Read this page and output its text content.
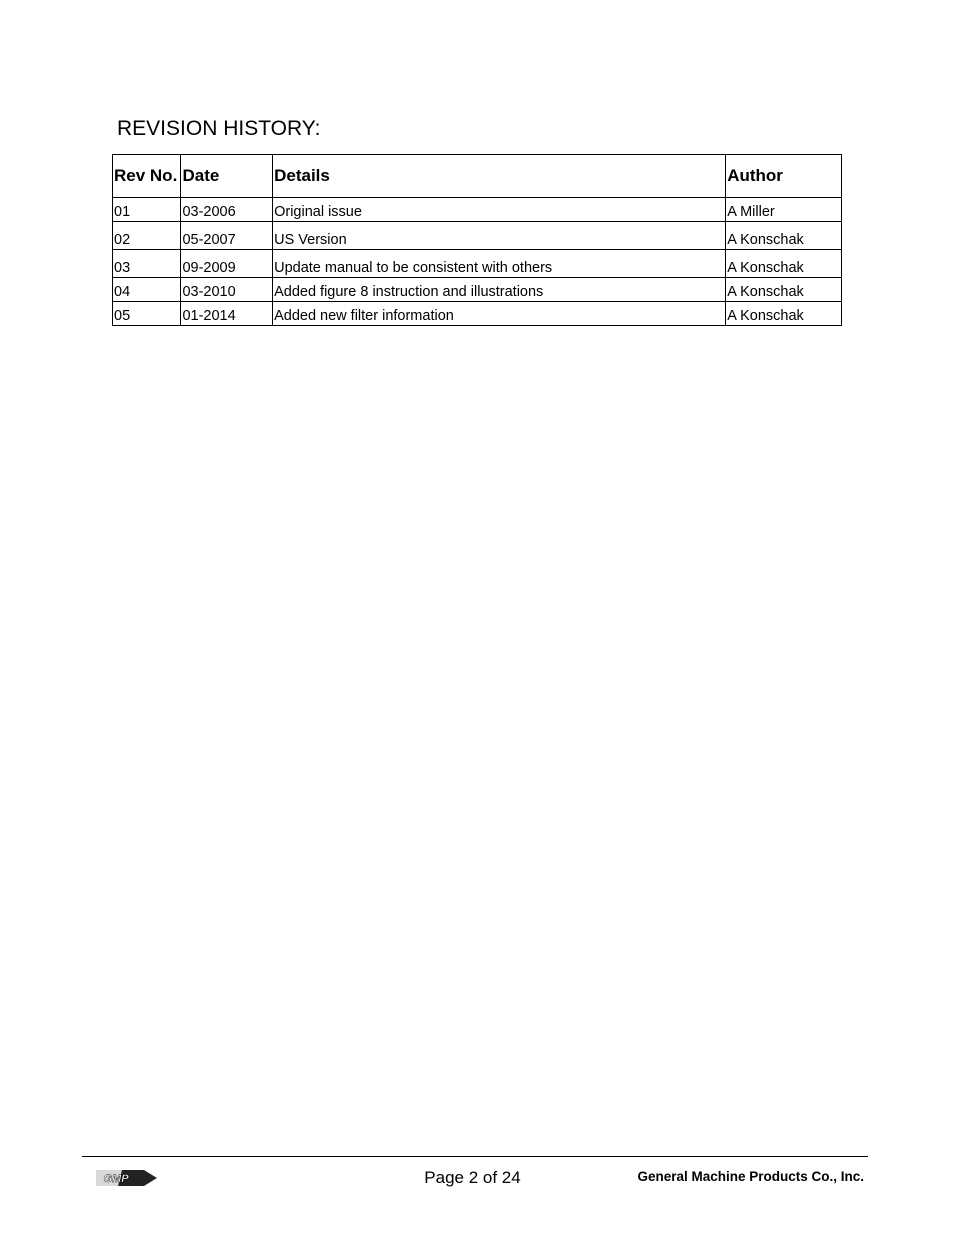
REVISION HISTORY:
Rev No.	Date	Details	Author
01	03-2006	Original issue	A Miller
02	05-2007	US Version	A Konschak
03	09-2009	Update manual to be consistent with others	A Konschak
04	03-2010	Added figure 8 instruction and illustrations	A Konschak
05	01-2014	Added new filter information	A Konschak
GMP	Page 2 of 24	General Machine Products Co., Inc.
